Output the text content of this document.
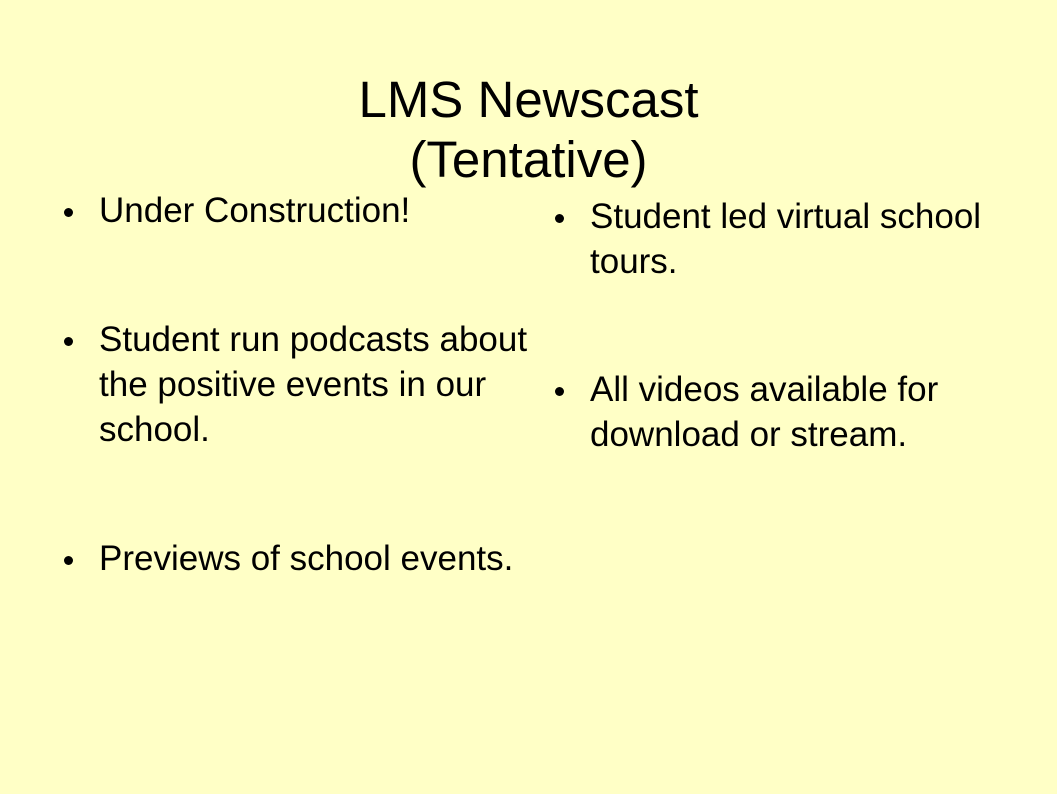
LMS Newscast
(Tentative)
Under Construction!
Student run podcasts about the positive events in our school.
Previews of school events.
Student led virtual school tours.
All videos available for download or stream.
